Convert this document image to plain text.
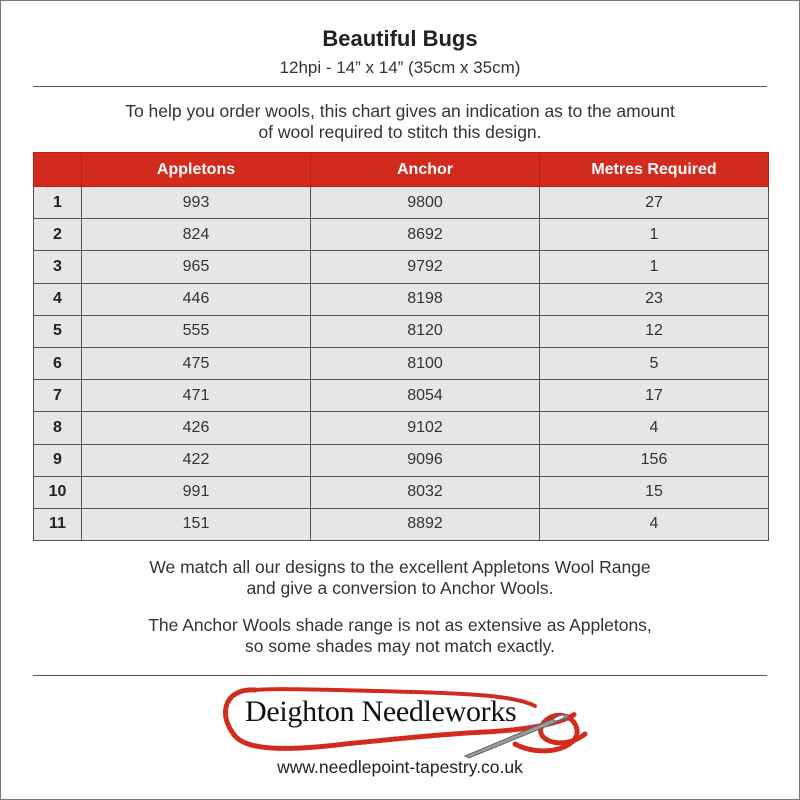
Beautiful Bugs
12hpi - 14” x 14” (35cm x 35cm)
To help you order wools, this chart gives an indication as to the amount
of wool required to stitch this design.
	Appletons	Anchor	Metres Required
1	993	9800	27
2	824	8692	1
3	965	9792	1
4	446	8198	23
5	555	8120	12
6	475	8100	5
7	471	8054	17
8	426	9102	4
9	422	9096	156
10	991	8032	15
11	151	8892	4
We match all our designs to the excellent Appletons Wool Range
and give a conversion to Anchor Wools.
The Anchor Wools shade range is not as extensive as Appletons,
so some shades may not match exactly.
Deighton Needleworks
www.needlepoint-tapestry.co.uk
